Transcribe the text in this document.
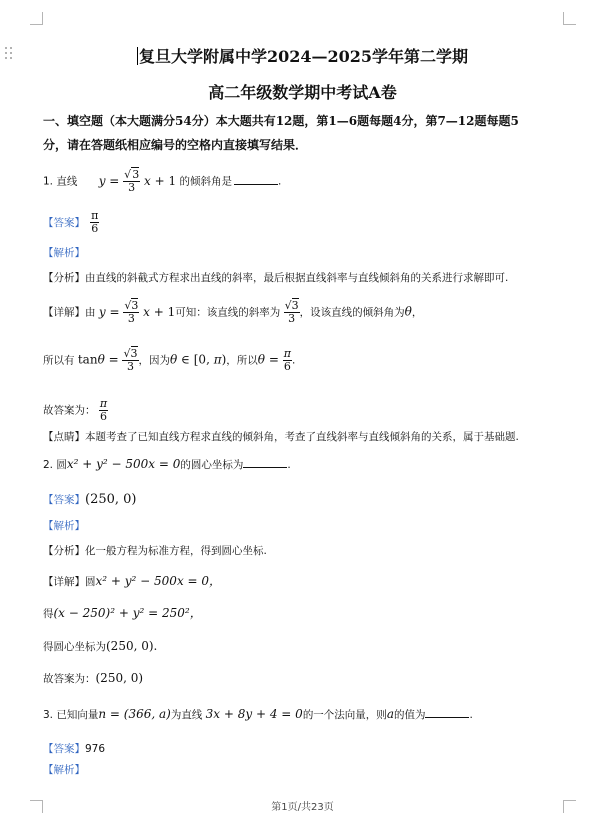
复旦大学附属中学2024—2025学年第二学期
高二年级数学期中考试A卷
一、填空题（本大题满分54分）本大题共有12题，第1—6题每题4分，第7—12题每题5
分，请在答题纸相应编号的空格内直接填写结果．
1. 直线 $y = \frac{√3}{3}$ x + 1 的倾斜角是	.
【答案】 $\frac{\pi}{6}$
【解析】
【分析】由直线的斜截式方程求出直线的斜率，最后根据直线斜率与直线倾斜角的关系进行求解即可.
【详解】由 $y = \frac{√3}{3}$ x + 1可知：该直线的斜率为 $\frac{√3}{3}$ ，设该直线的倾斜角为θ，
所以有 $\tan\theta = \frac{√3}{3}$ ，因为θ ∈ [0, π)，所以$\theta = \frac{\pi}{6}$ .
故答案为： $\frac{\pi}{6}$
【点睛】本题考查了已知直线方程求直线的倾斜角，考查了直线斜率与直线倾斜角的关系，属于基础题.
2. 圆x² + y² − 500x = 0的圆心坐标为	.
【答案】(250, 0)
【解析】
【分析】化一般方程为标准方程，得到圆心坐标.
【详解】圆x² + y² − 500x = 0，
得(x − 250)² + y² = 250²，
得圆心坐标为(250, 0).
故答案为：(250, 0)
3. 已知向量n = (366, a)为直线 3x + 8y + 4 = 0的一个法向量，则a的值为	.
【答案】976
【解析】
第1页/共23页
